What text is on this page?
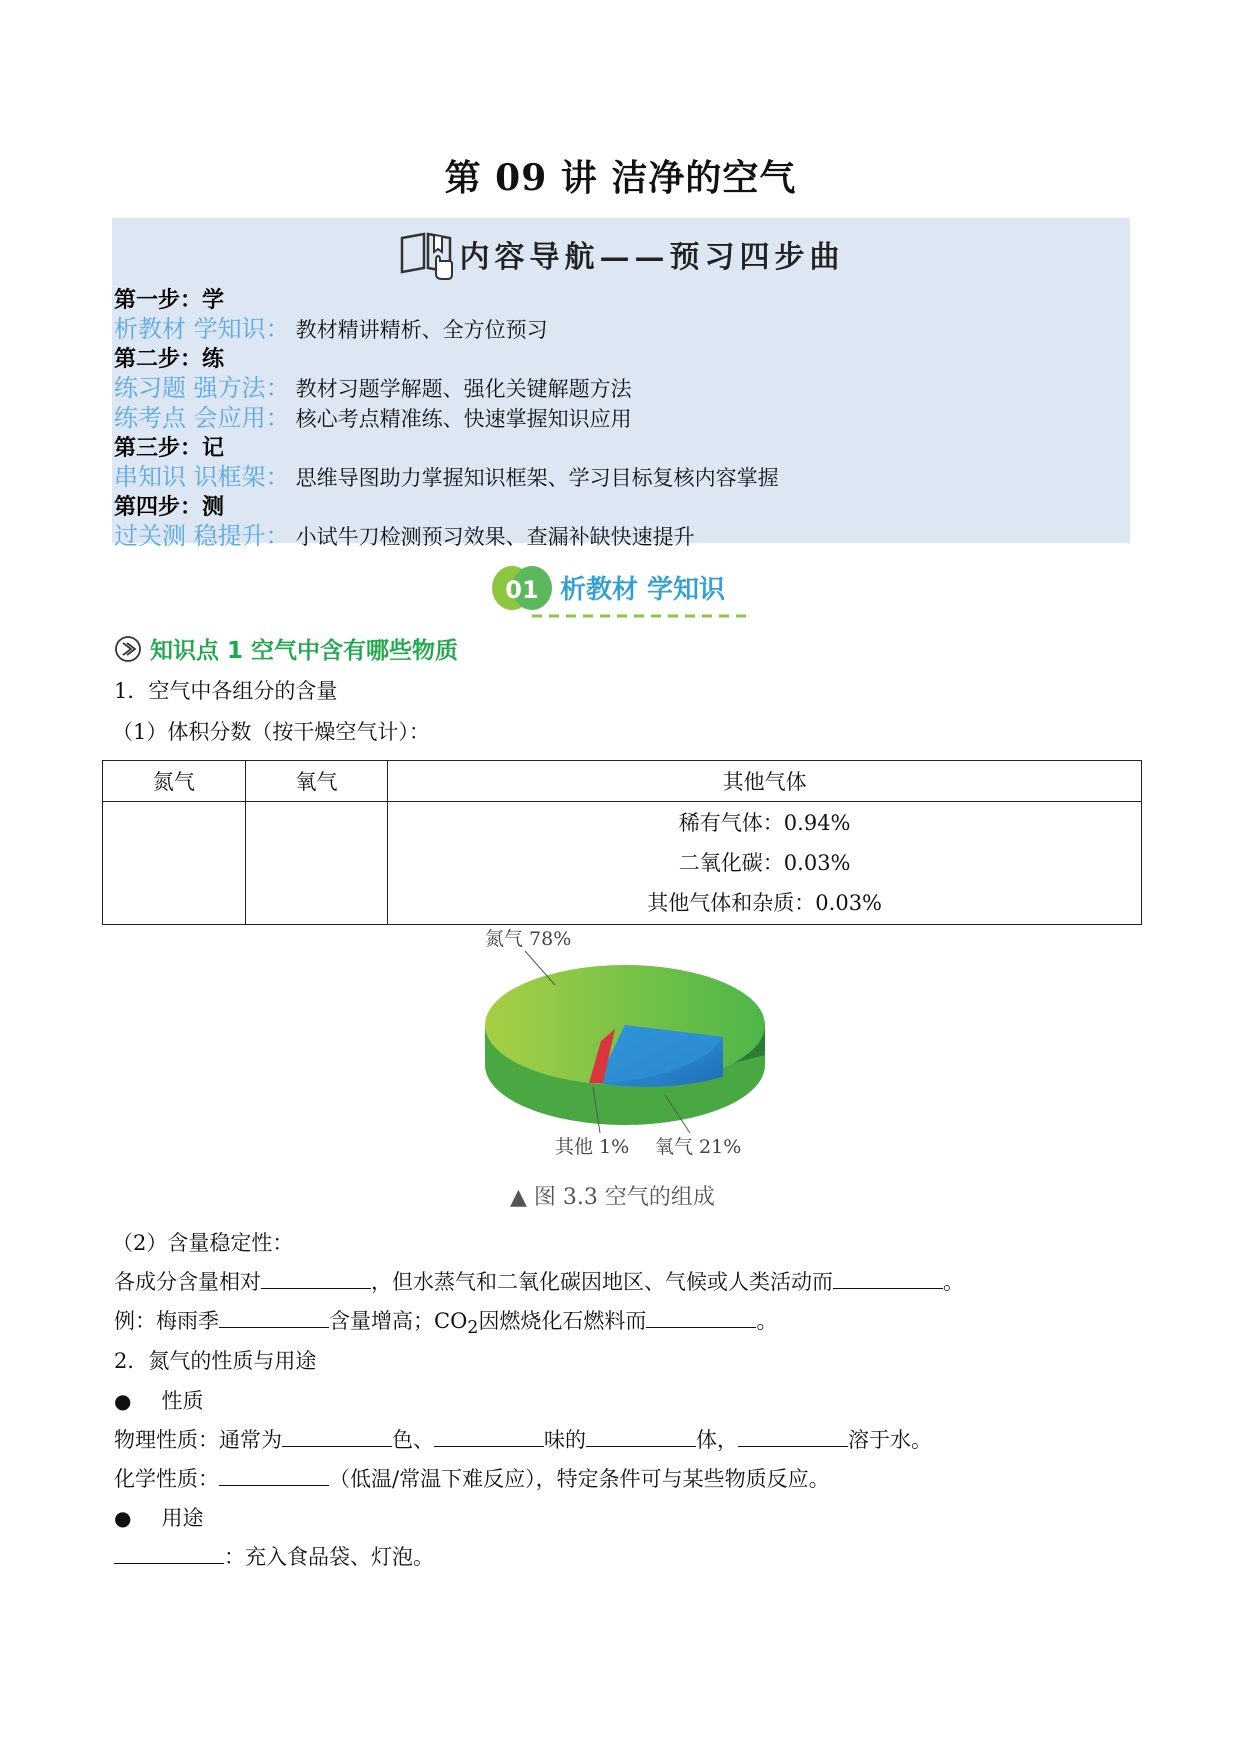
第 09 讲 洁净的空气
内容导航——预习四步曲
第一步：学
析教材 学知识： 教材精讲精析、全方位预习
第二步：练
练习题 强方法： 教材习题学解题、强化关键解题方法
练考点 会应用： 核心考点精准练、快速掌握知识应用
第三步：记
串知识 识框架： 思维导图助力掌握知识框架、学习目标复核内容掌握
第四步：测
过关测 稳提升： 小试牛刀检测预习效果、查漏补缺快速提升
01 析教材 学知识
知识点 1 空气中含有哪些物质
1．空气中各组分的含量
（1）体积分数（按干燥空气计）：
氮气	氧气	其他气体

		稀有气体：0.94%
二氧化碳：0.03%
其他气体和杂质：0.03%
氮气 78%
氧气 21%
其他 1%
▲ 图 3.3 空气的组成
（2）含量稳定性：
各成分含量相对	，但水蒸气和二氧化碳因地区、气候或人类活动而	。
例：梅雨季	含量增高；$CO_2$因燃烧化石燃料而	。
2．氮气的性质与用途
● 性质
物理性质：通常为	色、	味的	体，	溶于水。
化学性质：	（低温/常温下难反应），特定条件可与某些物质反应。
● 用途
：充入食品袋、灯泡。
